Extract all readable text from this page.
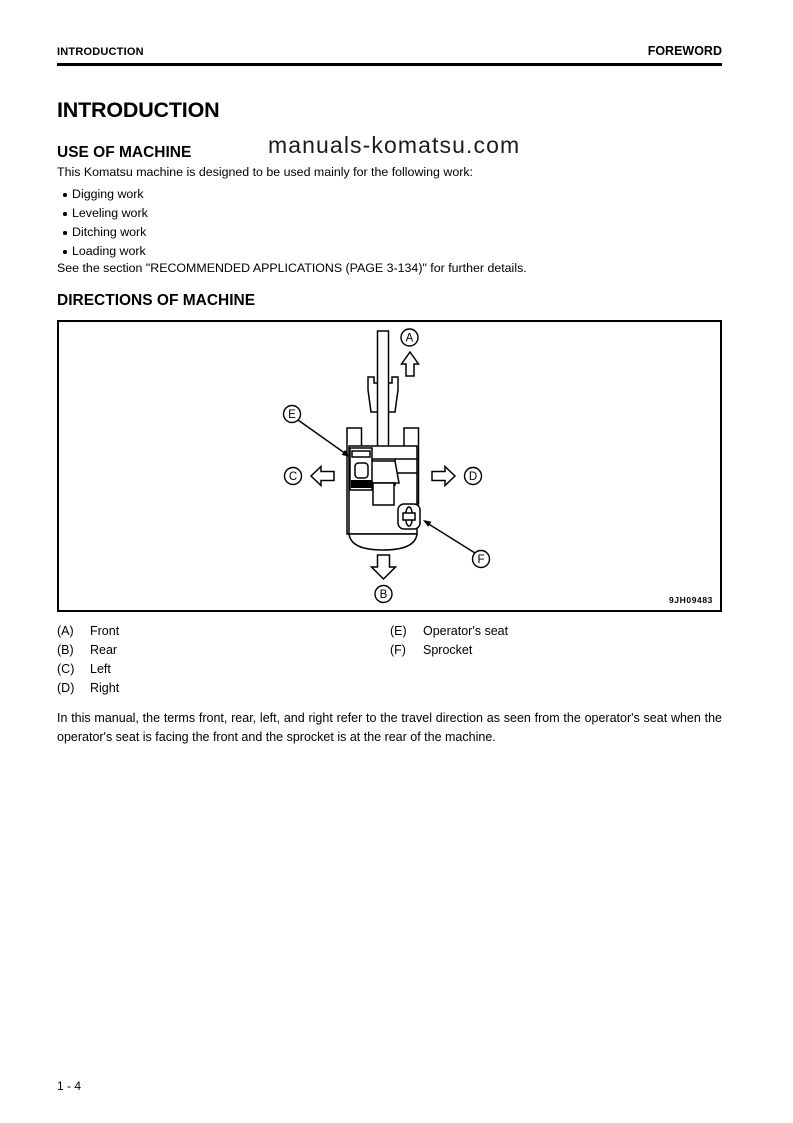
manuals-komatsu.com
INTRODUCTION	FOREWORD
INTRODUCTION
USE OF MACHINE

This Komatsu machine is designed to be used mainly for the following work:

Digging work
Leveling work
Ditching work
Loading work

See the section "RECOMMENDED APPLICATIONS (PAGE 3-134)" for further details.

DIRECTIONS OF MACHINE
A
B
C	D
E
F
9JH09483
(A)	Front	(E)	Operator's seat
(B)	Rear	(F)	Sprocket
(C)	Left
(D)	Right

In this manual, the terms front, rear, left, and right refer to the travel direction as seen from the operator's seat when the operator's seat is facing the front and the sprocket is at the rear of the machine.

1 - 4
